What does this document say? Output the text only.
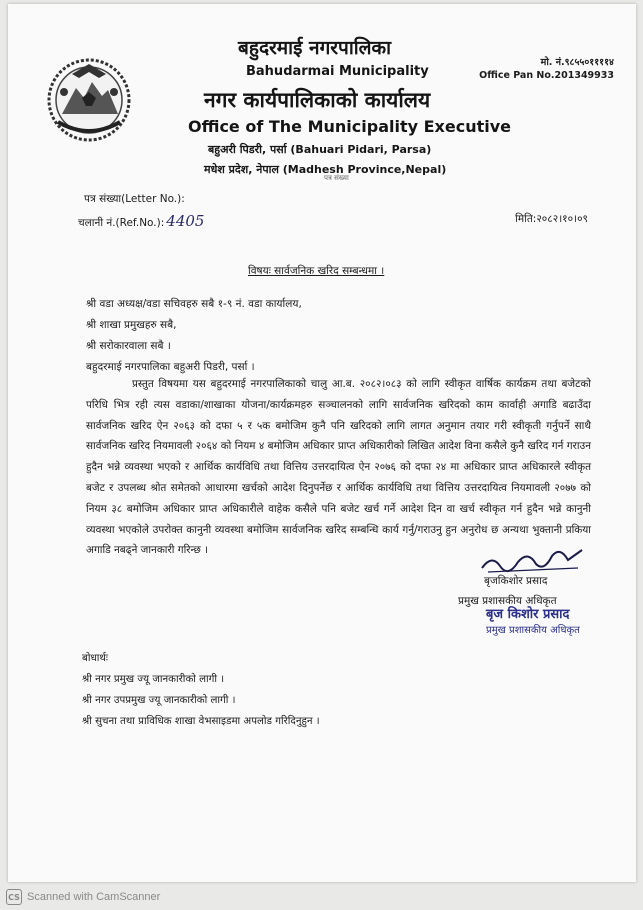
बहुदरमाई नगरपालिका
Bahudarmai Municipality
नगर कार्यपालिकाको कार्यालय
Office of The Municipality Executive
बहुअरी पिडरी, पर्सा (Bahuari Pidari, Parsa)
मधेश प्रदेश, नेपाल (Madhesh Province,Nepal)
पत्र संख्या
मो. नं.९८५५०११११४
Office Pan No.201349933
पत्र संख्या(Letter No.):
चलानी नं.(Ref.No.): 4405	मिति:२०८२।१०।०९
विषयः सार्वजनिक खरिद सम्बन्धमा ।
श्री वडा अध्यक्ष/वडा सचिवहरु सबै १-९ नं. वडा कार्यालय,
श्री शाखा प्रमुखहरु सबै,
श्री सरोकारवाला सबै ।
बहुदरमाई नगरपालिका बहुअरी पिडरी, पर्सा ।
प्रस्तुत विषयमा यस बहुदरमाई नगरपालिकाको चालु आ.ब. २०८२।०८३ को लागि स्वीकृत वार्षिक कार्यक्रम तथा बजेटको परिधि भित्र रही त्यस वडाका/शाखाका योजना/कार्यक्रमहरु सञ्चालनको लागि सार्वजनिक खरिदको काम कार्वाही अगाडि बढाउँदा सार्वजनिक खरिद ऐन २०६३ को दफा ५ र ५क बमोजिम कुनै पनि खरिदको लागि लागत अनुमान तयार गरी स्वीकृती गर्नुपर्ने साथै सार्वजनिक खरिद नियमावली २०६४ को नियम ४ बमोजिम अधिकार प्राप्त अधिकारीको लिखित आदेश विना कसैले कुनै खरिद गर्न गराउन हुदैन भन्ने व्यवस्था भएको र आर्थिक कार्यविधि तथा वित्तिय उत्तरदायित्व ऐन २०७६ को दफा २४ मा अधिकार प्राप्त अधिकारले स्वीकृत बजेट र उपलब्ध श्रोत समेतको आधारमा खर्चको आदेश दिनुपर्नेछ र आर्थिक कार्यविधि तथा वित्तिय उत्तरदायित्व नियमावली २०७७ को नियम ३८ बमोजिम अधिकार प्राप्त अधिकारीले वाहेक कसैले पनि बजेट खर्च गर्ने आदेश दिन वा खर्च स्वीकृत गर्न हुदैन भन्ने कानुनी व्यवस्था भएकोले उपरोक्त कानुनी व्यवस्था बमोजिम सार्वजनिक खरिद सम्बन्धि कार्य गर्नु/गराउनु हुन अनुरोध छ अन्यथा भुक्तानी प्रकिया अगाडि नबढ्ने जानकारी गरिन्छ ।
बृजकिशोर प्रसाद
प्रमुख प्रशासकीय अधिकृत
बृज किशोर प्रसाद
प्रमुख प्रशासकीय अधिकृत
बोधार्थः
श्री नगर प्रमुख ज्यू जानकारीको लागी ।
श्री नगर उपप्रमुख ज्यू जानकारीको लागी ।
श्री सुचना तथा प्राविधिक शाखा वेभसाइडमा अपलोड गरिदिनुहुन ।
CS Scanned with CamScanner
